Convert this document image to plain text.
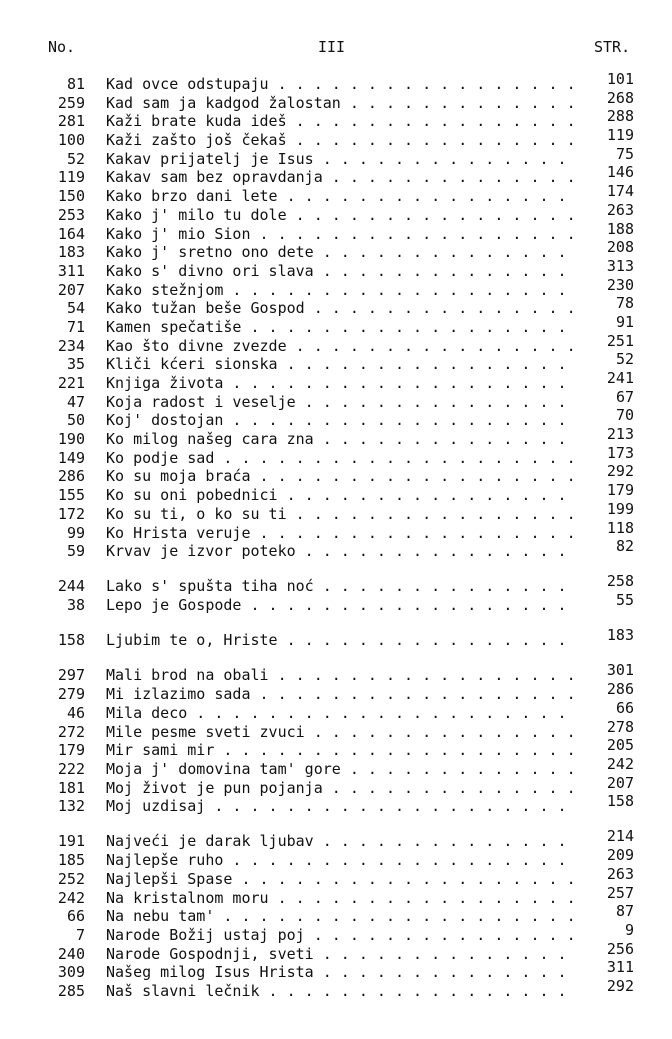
No.	III	STR.
81 Kad ovce odstupaju . . .	101
259 Kad sam ja kadgod žalostan . . .	268
281 Kaži brate kuda ideš . . .	288
100 Kaži zašto još čekaš . . .	119
52 Kakav prijatelj je Isus . . .	75
119 Kakav sam bez opravdanja . . .	146
150 Kako brzo dani lete . . .	174
253 Kako j' milo tu dole . . .	263
164 Kako j' mio Sion . . .	188
183 Kako j' sretno ono dete . . .	208
311 Kako s' divno ori slava . . .	313
207 Kako stežnjom . . .	230
54 Kako tužan beše Gospod . . .	78
71 Kamen spečatiše . . .	91
234 Kao što divne zvezde . . .	251
35 Kliči kćeri sionska . . .	52
221 Knjiga života . . .	241
47 Koja radost i veselje . . .	67
50 Koj' dostojan . . .	70
190 Ko milog našeg cara zna . . .	213
149 Ko podje sad . . .	173
286 Ko su moja braća . . .	292
155 Ko su oni pobednici . . .	179
172 Ko su ti, o ko su ti . . .	199
99 Ko Hrista veruje . . .	118
59 Krvav je izvor poteko . . .	82
244 Lako s' spušta tiha noć . . .	258
38 Lepo je Gospode . . .	55
158 Ljubim te o, Hriste . . .	183
297 Mali brod na obali . . .	301
279 Mi izlazimo sada . . .	286
46 Mila deco . . .	66
272 Mile pesme sveti zvuci . . .	278
179 Mir sami mir . . .	205
222 Moja j' domovina tam' gore . . .	242
181 Moj život je pun pojanja . . .	207
132 Moj uzdisaj . . .	158
191 Najveći je darak ljubav . . .	214
185 Najlepše ruho . . .	209
252 Najlepši Spase . . .	263
242 Na kristalnom moru . . .	257
66 Na nebu tam' . . .	87
7 Narode Božij ustaj poj . . .	9
240 Narode Gospodnji, sveti . . .	256
309 Našeg milog Isus Hrista . . .	311
285 Naš slavni lečnik . . .	292
